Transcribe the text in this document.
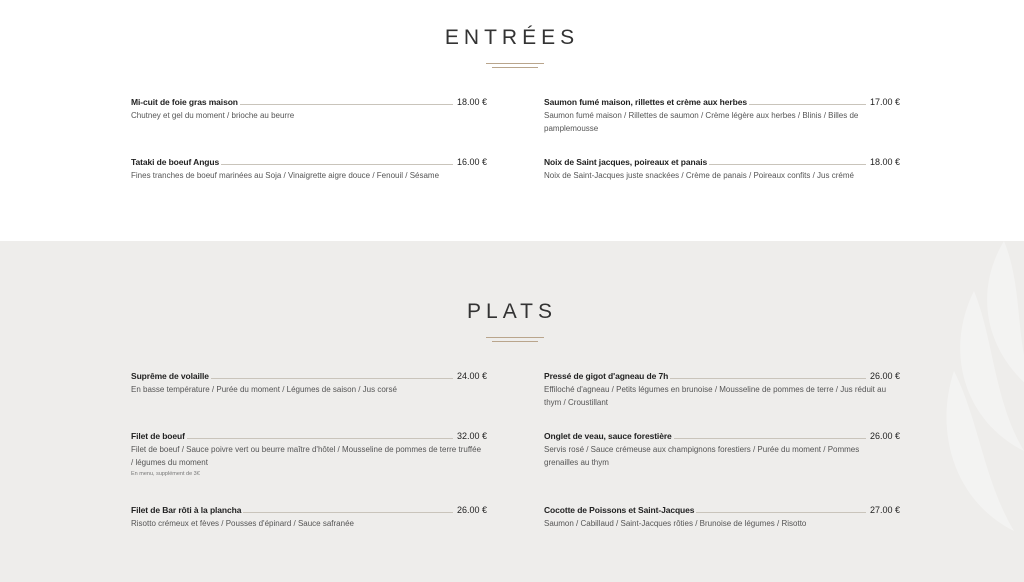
ENTRÉES
Mi-cuit de foie gras maison	18.00 €
Chutney et gel du moment / brioche au beurre
Saumon fumé maison, rillettes et crème aux herbes	17.00 €
Saumon fumé maison / Rillettes de saumon / Crème légère aux herbes / Blinis / Billes de pamplemousse
Tataki de boeuf Angus	16.00 €
Fines tranches de boeuf marinées au Soja / Vinaigrette aigre douce / Fenouil / Sésame
Noix de Saint jacques, poireaux et panais	18.00 €
Noix de Saint-Jacques juste snackées / Crème de panais / Poireaux confits / Jus crémé
PLATS
Suprême de volaille	24.00 €
En basse température / Purée du moment / Légumes de saison / Jus corsé
Pressé de gigot d'agneau de 7h	26.00 €
Effiloché d'agneau / Petits légumes en brunoise / Mousseline de pommes de terre / Jus réduit au thym / Croustillant
Filet de boeuf	32.00 €
Filet de boeuf / Sauce poivre vert ou beurre maître d'hôtel / Mousseline de pommes de terre truffée / légumes du moment
En menu, supplément de 3€
Onglet de veau, sauce forestière	26.00 €
Servis rosé / Sauce crémeuse aux champignons forestiers / Purée du moment / Pommes grenailles au thym
Filet de Bar rôti à la plancha	26.00 €
Risotto crémeux et fèves / Pousses d'épinard / Sauce safranée
Cocotte de Poissons et Saint-Jacques	27.00 €
Saumon / Cabillaud / Saint-Jacques rôties / Brunoise de légumes / Risotto
